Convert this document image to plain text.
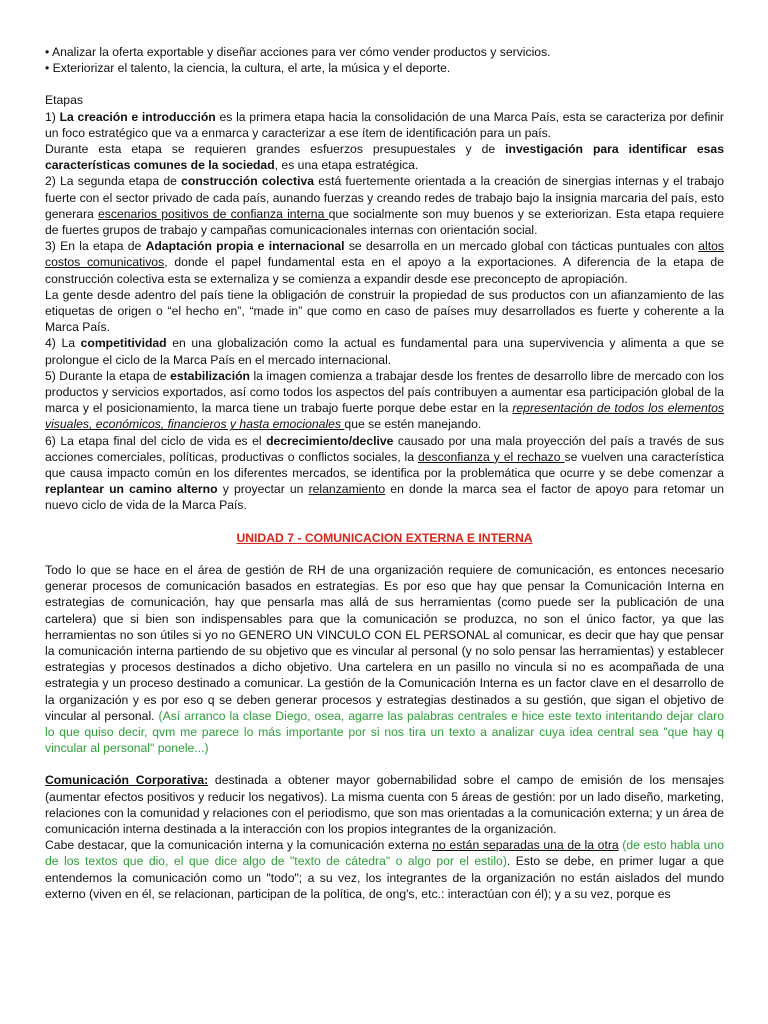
• Analizar la oferta exportable y diseñar acciones para ver cómo vender productos y servicios.

• Exteriorizar el talento, la ciencia, la cultura, el arte, la música y el deporte.

Etapas

1) La creación e introducción es la primera etapa hacia la consolidación de una Marca País, esta se caracteriza por definir un foco estratégico que va a enmarca y caracterizar a ese ítem de identificación para un país.

Durante esta etapa se requieren grandes esfuerzos presupuestales y de investigación para identificar esas características comunes de la sociedad, es una etapa estratégica.

2) La segunda etapa de construcción colectiva está fuertemente orientada a la creación de sinergias internas y el trabajo fuerte con el sector privado de cada país, aunando fuerzas y creando redes de trabajo bajo la insignia marcaria del país, esto generara escenarios positivos de confianza interna que socialmente son muy buenos y se exteriorizan. Esta etapa requiere de fuertes grupos de trabajo y campañas comunicacionales internas con orientación social.

3) En la etapa de Adaptación propia e internacional se desarrolla en un mercado global con tácticas puntuales con altos costos comunicativos, donde el papel fundamental esta en el apoyo a la exportaciones. A diferencia de la etapa de construcción colectiva esta se externaliza y se comienza a expandir desde ese preconcepto de apropiación.

La gente desde adentro del país tiene la obligación de construir la propiedad de sus productos con un afianzamiento de las etiquetas de origen o “el hecho en”, “made in” que como en caso de países muy desarrollados es fuerte y coherente a la Marca País.

4) La competitividad en una globalización como la actual es fundamental para una supervivencia y alimenta a que se prolongue el ciclo de la Marca País en el mercado internacional.

5) Durante la etapa de estabilización la imagen comienza a trabajar desde los frentes de desarrollo libre de mercado con los productos y servicios exportados, así como todos los aspectos del país contribuyen a aumentar esa participación global de la marca y el posicionamiento, la marca tiene un trabajo fuerte porque debe estar en la representación de todos los elementos visuales, económicos, financieros y hasta emocionales que se estén manejando.

6) La etapa final del ciclo de vida es el decrecimiento/declive causado por una mala proyección del país a través de sus acciones comerciales, políticas, productivas o conflictos sociales, la desconfianza y el rechazo se vuelven una característica que causa impacto común en los diferentes mercados, se identifica por la problemática que ocurre y se debe comenzar a replantear un camino alterno y proyectar un relanzamiento en donde la marca sea el factor de apoyo para retomar un nuevo ciclo de vida de la Marca País.

UNIDAD 7 - COMUNICACION EXTERNA E INTERNA

Todo lo que se hace en el área de gestión de RH de una organización requiere de comunicación, es entonces necesario generar procesos de comunicación basados en estrategias. Es por eso que hay que pensar la Comunicación Interna en estrategias de comunicación, hay que pensarla mas allá de sus herramientas (como puede ser la publicación de una cartelera) que si bien son indispensables para que la comunicación se produzca, no son el único factor, ya que las herramientas no son útiles si yo no GENERO UN VINCULO CON EL PERSONAL al comunicar, es decir que hay que pensar la comunicación interna partiendo de su objetivo que es vincular al personal (y no solo pensar las herramientas) y establecer estrategias y procesos destinados a dicho objetivo. Una cartelera en un pasillo no vincula si no es acompañada de una estrategia y un proceso destinado a comunicar. La gestión de la Comunicación Interna es un factor clave en el desarrollo de la organización y es por eso q se deben generar procesos y estrategias destinados a su gestión, que sigan el objetivo de vincular al personal. (Así arranco la clase Diego, osea, agarre las palabras centrales e hice este texto intentando dejar claro lo que quiso decir, qvm me parece lo más importante por si nos tira un texto a analizar cuya idea central sea "que hay q vincular al personal" ponele...)

Comunicación Corporativa: destinada a obtener mayor gobernabilidad sobre el campo de emisión de los mensajes (aumentar efectos positivos y reducir los negativos). La misma cuenta con 5 áreas de gestión: por un lado diseño, marketing, relaciones con la comunidad y relaciones con el periodismo, que son mas orientadas a la comunicación externa; y un área de comunicación interna destinada a la interacción con los propios integrantes de la organización.

Cabe destacar, que la comunicación interna y la comunicación externa no están separadas una de la otra (de esto habla uno de los textos que dio, el que dice algo de "texto de cátedra" o algo por el estilo). Esto se debe, en primer lugar a que entendemos la comunicación como un "todo"; a su vez, los integrantes de la organización no están aislados del mundo externo (viven en él, se relacionan, participan de la política, de ong's, etc.: interactúan con él); y a su vez, porque es
